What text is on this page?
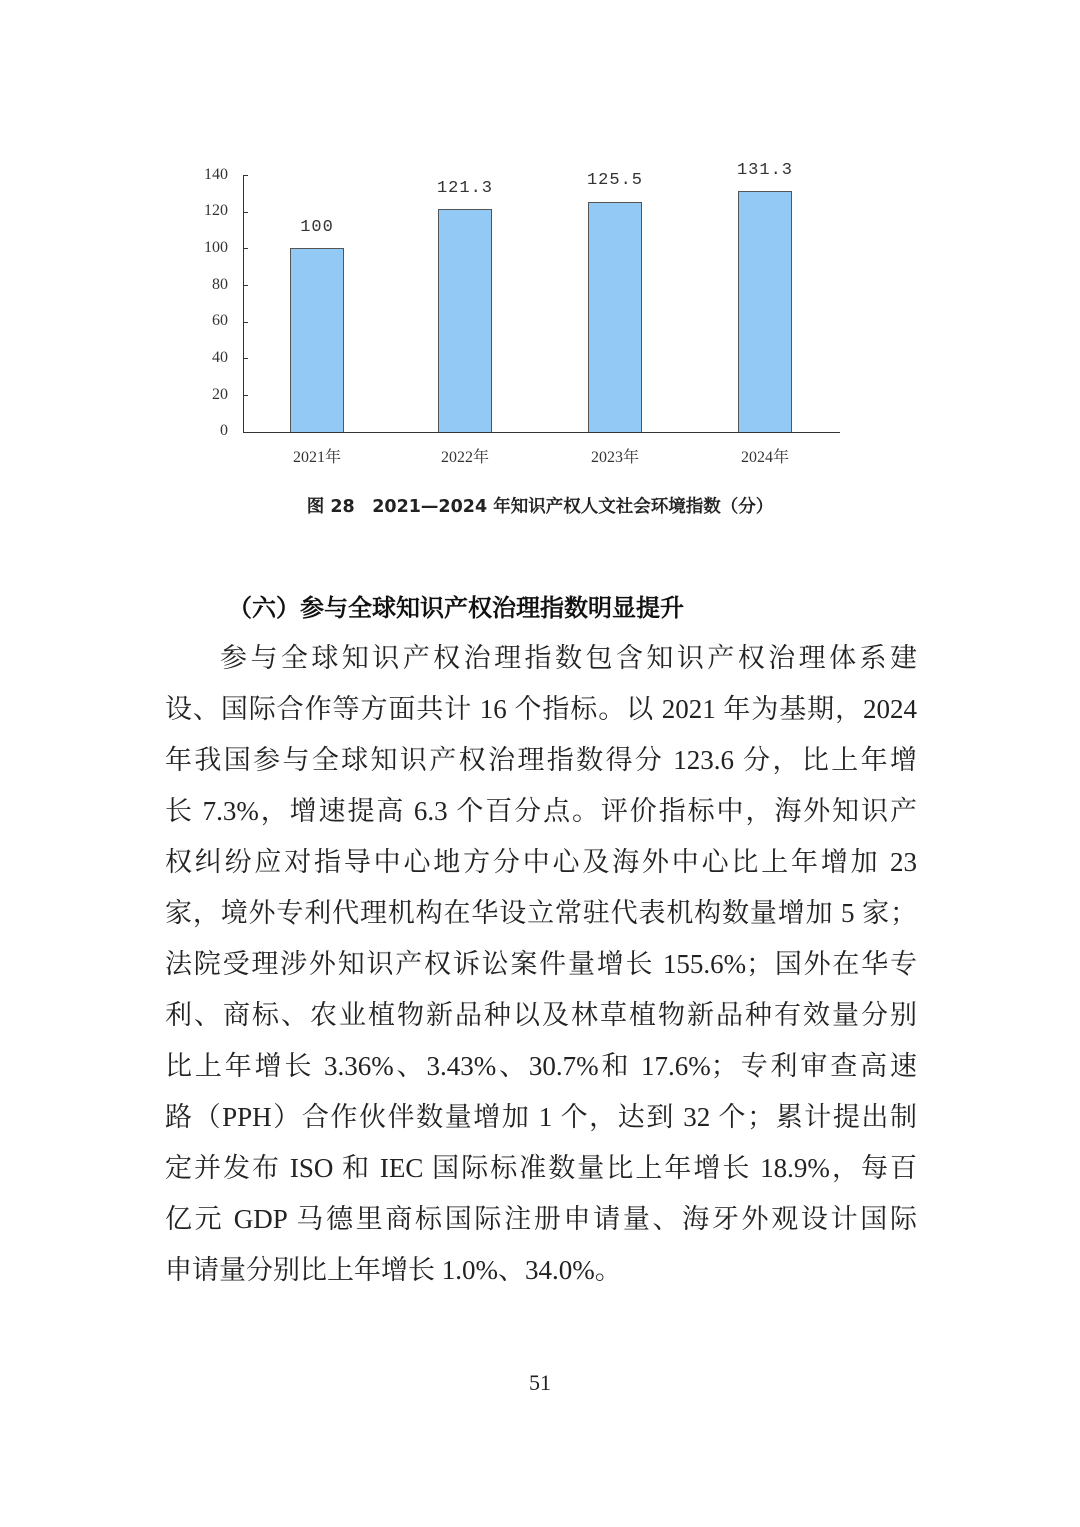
140
120
100
80
60
40
20
0
100
121.3	125.5
131.3
2021年	2022年	2023年	2024年
图 28　2021—2024 年知识产权人文社会环境指数（分）
（六）参与全球知识产权治理指数明显提升
参与全球知识产权治理指数包含知识产权治理体系建
设、国际合作等方面共计 16 个指标。以 2021 年为基期，2024
年我国参与全球知识产权治理指数得分 123.6 分，比上年增
长 7.3%，增速提高 6.3 个百分点。评价指标中，海外知识产
权纠纷应对指导中心地方分中心及海外中心比上年增加 23
家，境外专利代理机构在华设立常驻代表机构数量增加 5 家；
法院受理涉外知识产权诉讼案件量增长 155.6%；国外在华专
利、商标、农业植物新品种以及林草植物新品种有效量分别
比上年增长 3.36%、3.43%、30.7%和 17.6%；专利审查高速
路（PPH）合作伙伴数量增加 1 个，达到 32 个；累计提出制
定并发布 ISO 和 IEC 国际标准数量比上年增长 18.9%，每百
亿元 GDP 马德里商标国际注册申请量、海牙外观设计国际
申请量分别比上年增长 1.0%、34.0%。
51
